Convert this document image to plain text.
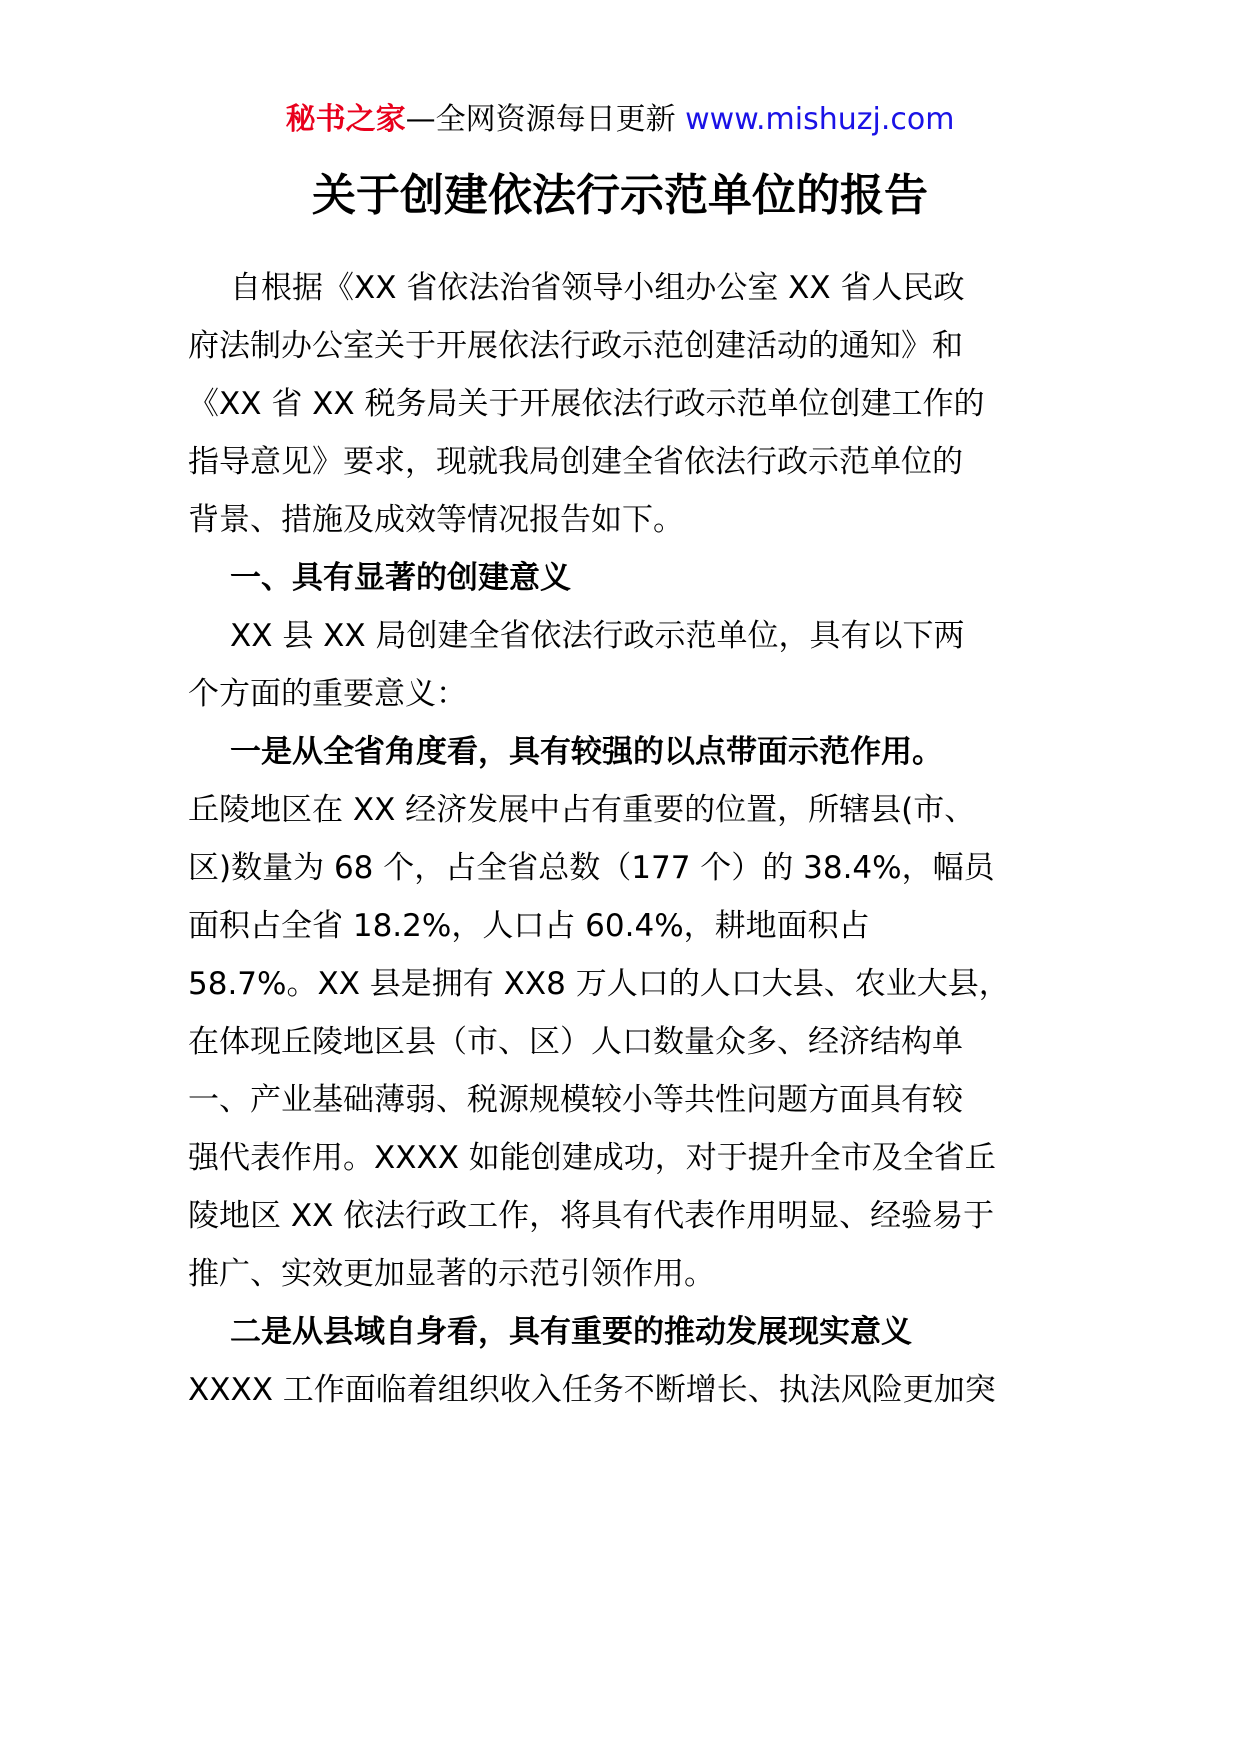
秘书之家—全网资源每日更新 www.mishuzj.com
关于创建依法行示范单位的报告
自根据《XX 省依法治省领导小组办公室 XX 省人民政
府法制办公室关于开展依法行政示范创建活动的通知》和
《XX 省 XX 税务局关于开展依法行政示范单位创建工作的
指导意见》要求，现就我局创建全省依法行政示范单位的
背景、措施及成效等情况报告如下。
一、具有显著的创建意义
XX 县 XX 局创建全省依法行政示范单位，具有以下两
个方面的重要意义：
一是从全省角度看，具有较强的以点带面示范作用。
丘陵地区在 XX 经济发展中占有重要的位置，所辖县(市、
区)数量为 68 个，占全省总数（177 个）的 38.4%，幅员
面积占全省 18.2%，人口占 60.4%，耕地面积占
58.7%。XX 县是拥有 XX8 万人口的人口大县、农业大县，
在体现丘陵地区县（市、区）人口数量众多、经济结构单
一、产业基础薄弱、税源规模较小等共性问题方面具有较
强代表作用。XXXX 如能创建成功，对于提升全市及全省丘
陵地区 XX 依法行政工作，将具有代表作用明显、经验易于
推广、实效更加显著的示范引领作用。
二是从县域自身看，具有重要的推动发展现实意义
XXXX 工作面临着组织收入任务不断增长、执法风险更加突
